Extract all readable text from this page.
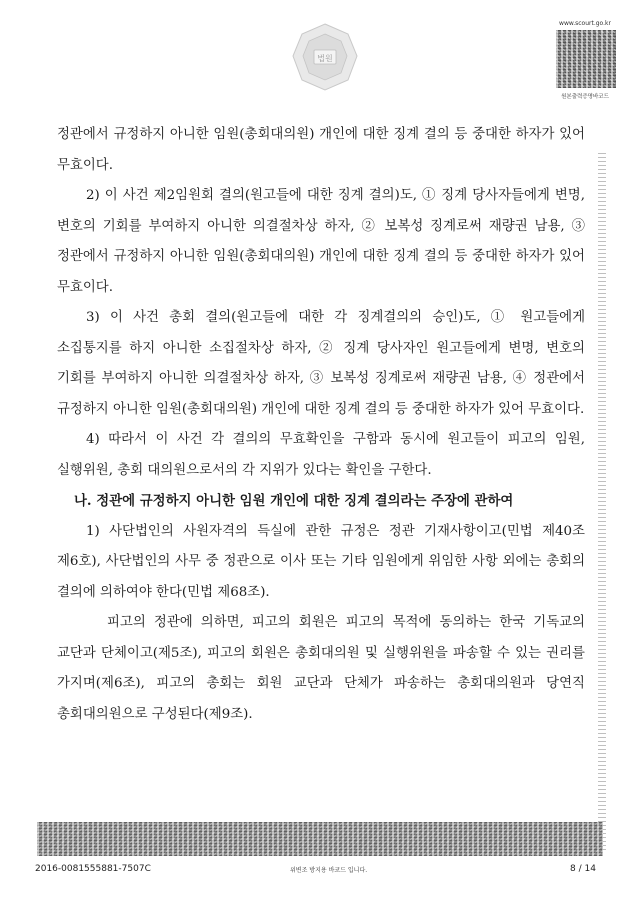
법원
www.scourt.go.kr
원본출력증명바코드

정관에서 규정하지 아니한 임원(총회대의원) 개인에 대한 징계 결의 등 중대한 하자가 있어 무효이다.

2) 이 사건 제2임원회 결의(원고들에 대한 징계 결의)도, ① 징계 당사자들에게 변명, 변호의 기회를 부여하지 아니한 의결절차상 하자, ② 보복성 징계로써 재량권 남용, ③ 정관에서 규정하지 아니한 임원(총회대의원) 개인에 대한 징계 결의 등 중대한 하자가 있어 무효이다.

3) 이 사건 총회 결의(원고들에 대한 각 징계결의의 승인)도, ① 원고들에게 소집통지를 하지 아니한 소집절차상 하자, ② 징계 당사자인 원고들에게 변명, 변호의 기회를 부여하지 아니한 의결절차상 하자, ③ 보복성 징계로써 재량권 남용, ④ 정관에서 규정하지 아니한 임원(총회대의원) 개인에 대한 징계 결의 등 중대한 하자가 있어 무효이다.

4) 따라서 이 사건 각 결의의 무효확인을 구함과 동시에 원고들이 피고의 임원, 실행위원, 총회 대의원으로서의 각 지위가 있다는 확인을 구한다.

나. 정관에 규정하지 아니한 임원 개인에 대한 징계 결의라는 주장에 관하여

1) 사단법인의 사원자격의 득실에 관한 규정은 정관 기재사항이고(민법 제40조 제6호), 사단법인의 사무 중 정관으로 이사 또는 기타 임원에게 위임한 사항 외에는 총회의 결의에 의하여야 한다(민법 제68조).

피고의 정관에 의하면, 피고의 회원은 피고의 목적에 동의하는 한국 기독교의 교단과 단체이고(제5조), 피고의 회원은 총회대의원 및 실행위원을 파송할 수 있는 권리를 가지며(제6조), 피고의 총회는 회원 교단과 단체가 파송하는 총회대의원과 당연직 총회대의원으로 구성된다(제9조).

2016-0081555881-7507C	위변조 방지용 바코드 입니다.	8 / 14
